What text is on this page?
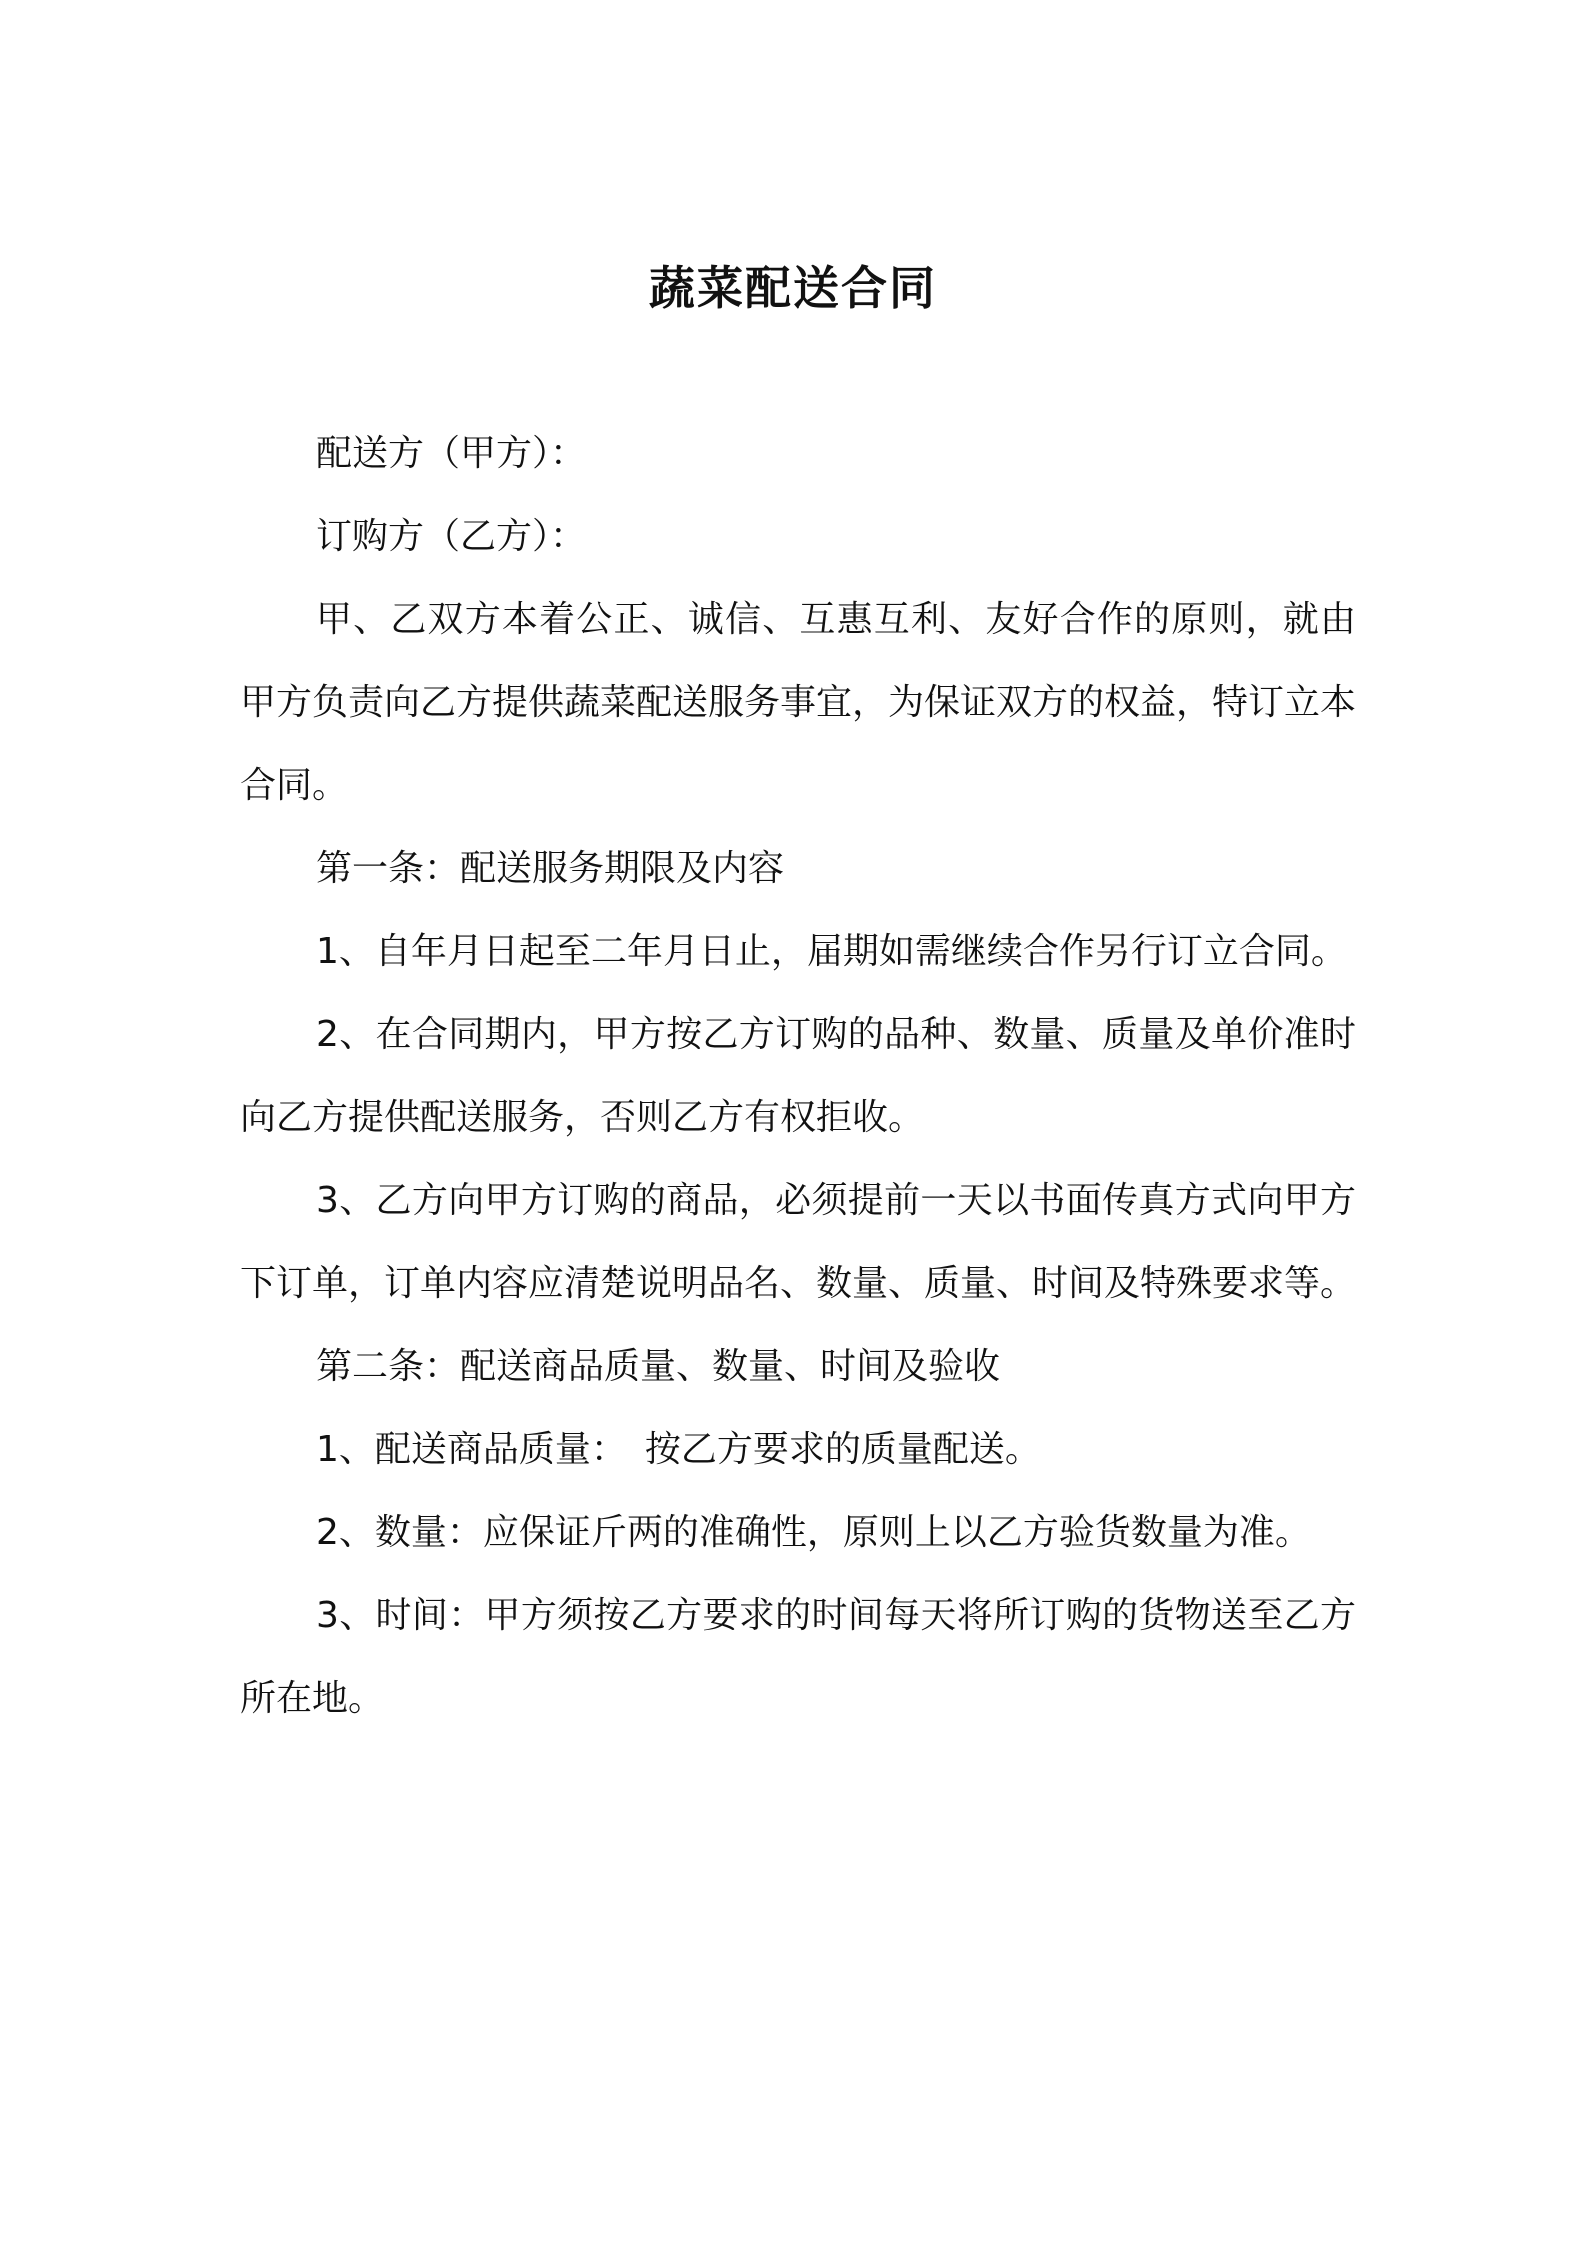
蔬菜配送合同

配送方（甲方）：

订购方（乙方）：

甲、乙双方本着公正、诚信、互惠互利、友好合作的原则，就由甲方负责向乙方提供蔬菜配送服务事宜，为保证双方的权益，特订立本合同。

第一条：配送服务期限及内容

1、自年月日起至二年月日止，届期如需继续合作另行订立合同。

2、在合同期内，甲方按乙方订购的品种、数量、质量及单价准时向乙方提供配送服务，否则乙方有权拒收。

3、乙方向甲方订购的商品，必须提前一天以书面传真方式向甲方下订单，订单内容应清楚说明品名、数量、质量、时间及特殊要求等。

第二条：配送商品质量、数量、时间及验收

1、配送商品质量：　按乙方要求的质量配送。

2、数量：应保证斤两的准确性，原则上以乙方验货数量为准。

3、时间：甲方须按乙方要求的时间每天将所订购的货物送至乙方所在地。
